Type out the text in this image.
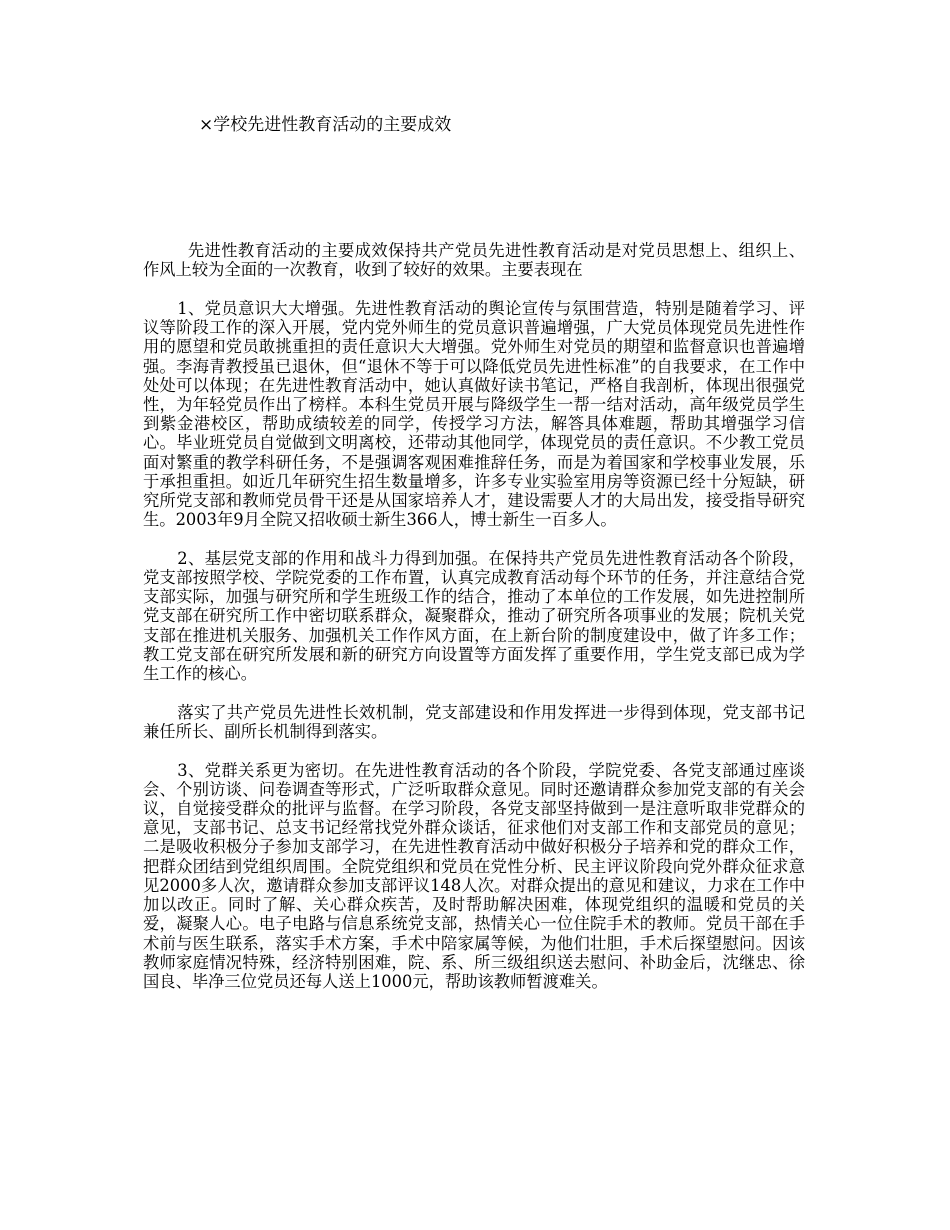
×学校先进性教育活动的主要成效

先进性教育活动的主要成效保持共产党员先进性教育活动是对党员思想上、组织上、作风上较为全面的一次教育，收到了较好的效果。主要表现在

1、党员意识大大增强。先进性教育活动的舆论宣传与氛围营造，特别是随着学习、评议等阶段工作的深入开展，党内党外师生的党员意识普遍增强，广大党员体现党员先进性作用的愿望和党员敢挑重担的责任意识大大增强。党外师生对党员的期望和监督意识也普遍增强。李海青教授虽已退休，但“退休不等于可以降低党员先进性标准”的自我要求，在工作中处处可以体现；在先进性教育活动中，她认真做好读书笔记，严格自我剖析，体现出很强党性，为年轻党员作出了榜样。本科生党员开展与降级学生一帮一结对活动，高年级党员学生到紫金港校区，帮助成绩较差的同学，传授学习方法，解答具体难题，帮助其增强学习信心。毕业班党员自觉做到文明离校，还带动其他同学，体现党员的责任意识。不少教工党员面对繁重的教学科研任务，不是强调客观困难推辞任务，而是为着国家和学校事业发展，乐于承担重担。如近几年研究生招生数量增多，许多专业实验室用房等资源已经十分短缺，研究所党支部和教师党员骨干还是从国家培养人才，建设需要人才的大局出发，接受指导研究生。2003年9月全院又招收硕士新生366人，博士新生一百多人。

2、基层党支部的作用和战斗力得到加强。在保持共产党员先进性教育活动各个阶段，党支部按照学校、学院党委的工作布置，认真完成教育活动每个环节的任务，并注意结合党支部实际，加强与研究所和学生班级工作的结合，推动了本单位的工作发展，如先进控制所党支部在研究所工作中密切联系群众，凝聚群众，推动了研究所各项事业的发展；院机关党支部在推进机关服务、加强机关工作作风方面，在上新台阶的制度建设中，做了许多工作；教工党支部在研究所发展和新的研究方向设置等方面发挥了重要作用，学生党支部已成为学生工作的核心。

落实了共产党员先进性长效机制，党支部建设和作用发挥进一步得到体现，党支部书记兼任所长、副所长机制得到落实。

3、党群关系更为密切。在先进性教育活动的各个阶段，学院党委、各党支部通过座谈会、个别访谈、问卷调查等形式，广泛听取群众意见。同时还邀请群众参加党支部的有关会议，自觉接受群众的批评与监督。在学习阶段，各党支部坚持做到一是注意听取非党群众的意见，支部书记、总支书记经常找党外群众谈话，征求他们对支部工作和支部党员的意见；二是吸收积极分子参加支部学习，在先进性教育活动中做好积极分子培养和党的群众工作，把群众团结到党组织周围。全院党组织和党员在党性分析、民主评议阶段向党外群众征求意见2000多人次，邀请群众参加支部评议148人次。对群众提出的意见和建议，力求在工作中加以改正。同时了解、关心群众疾苦，及时帮助解决困难，体现党组织的温暖和党员的关爱，凝聚人心。电子电路与信息系统党支部，热情关心一位住院手术的教师。党员干部在手术前与医生联系，落实手术方案，手术中陪家属等候，为他们壮胆，手术后探望慰问。因该教师家庭情况特殊，经济特别困难，院、系、所三级组织送去慰问、补助金后，沈继忠、徐国良、毕净三位党员还每人送上1000元，帮助该教师暂渡难关。
